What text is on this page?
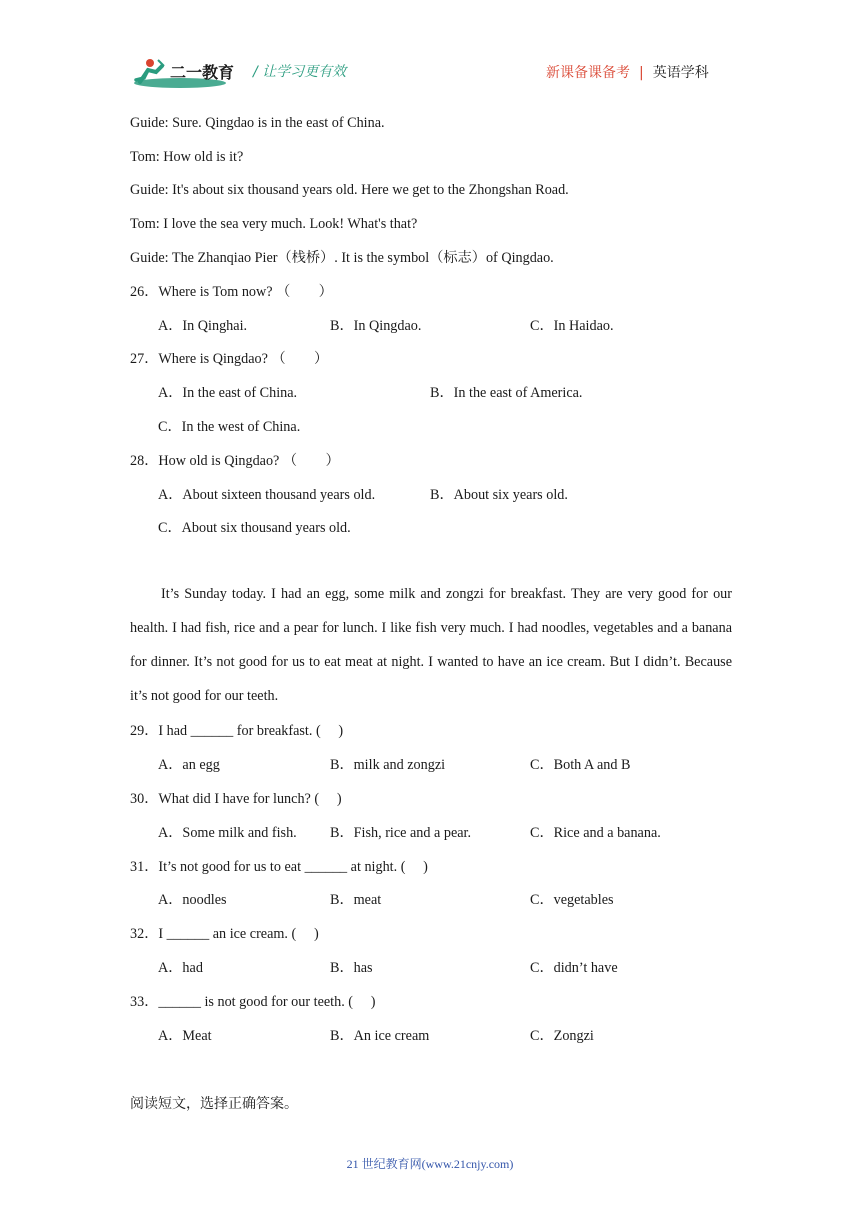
二一教育 / 让学习更有效	新课备课备考 | 英语学科
Guide: Sure. Qingdao is in the east of China.
Tom: How old is it?
Guide: It's about six thousand years old. Here we get to the Zhongshan Road.
Tom: I love the sea very much. Look! What's that?
Guide: The Zhanqiao Pier（栈桥）. It is the symbol（标志）of Qingdao.
26．Where is Tom now? （　　）
A．In Qinghai.	B．In Qingdao.	C．In Haidao.
27．Where is Qingdao? （　　）
A．In the east of China.	B．In the east of America.
C．In the west of China.
28．How old is Qingdao? （　　）
A．About sixteen thousand years old.	B．About six years old.
C．About six thousand years old.
It’s Sunday today. I had an egg, some milk and zongzi for breakfast. They are very good for our health. I had fish, rice and a pear for lunch. I like fish very much. I had noodles, vegetables and a banana for dinner. It’s not good for us to eat meat at night. I wanted to have an ice cream. But I didn’t. Because it’s not good for our teeth.
29．I had ______ for breakfast. (　 )
A．an egg	B．milk and zongzi	C．Both A and B
30．What did I have for lunch? (　 )
A．Some milk and fish. B．Fish, rice and a pear.	C．Rice and a banana.
31．It’s not good for us to eat ______ at night. (　 )
A．noodles	B．meat	C．vegetables
32．I ______ an ice cream. (　 )
A．had	B．has	C．didn’t have
33．______ is not good for our teeth. (　 )
A．Meat	B．An ice cream	C．Zongzi
阅读短文，选择正确答案。
21 世纪教育网(www.21cnjy.com)
